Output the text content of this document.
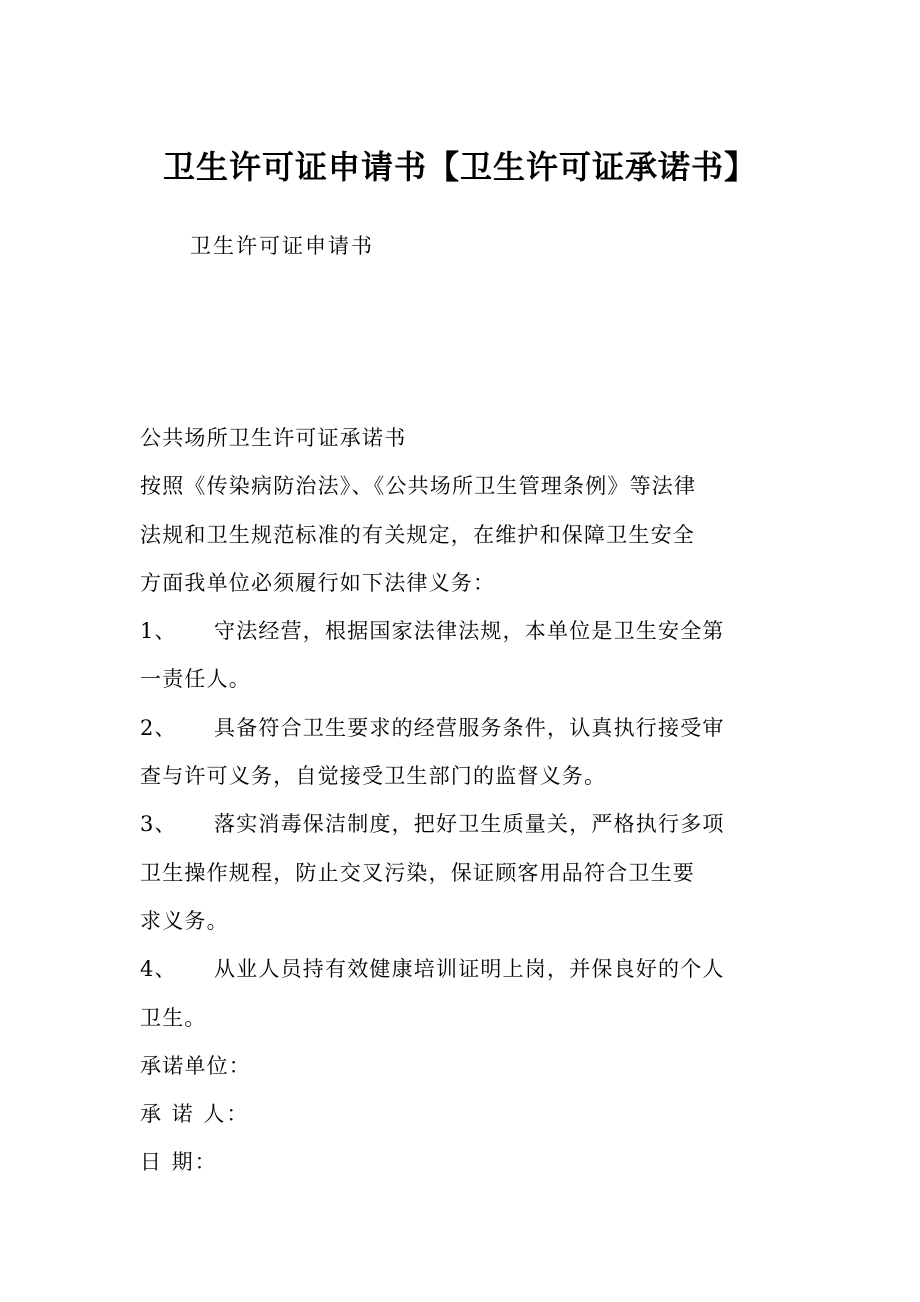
卫生许可证申请书【卫生许可证承诺书】
卫生许可证申请书
公共场所卫生许可证承诺书
按照《传染病防治法》、《公共场所卫生管理条例》等法律
法规和卫生规范标准的有关规定，在维护和保障卫生安全
方面我单位必须履行如下法律义务：
1、 守法经营，根据国家法律法规，本单位是卫生安全第
一责任人。
2、 具备符合卫生要求的经营服务条件，认真执行接受审
查与许可义务，自觉接受卫生部门的监督义务。
3、 落实消毒保洁制度，把好卫生质量关，严格执行多项
卫生操作规程，防止交叉污染，保证顾客用品符合卫生要
求义务。
4、 从业人员持有效健康培训证明上岗，并保良好的个人
卫生。
承诺单位：
承 诺 人：
日 期：
